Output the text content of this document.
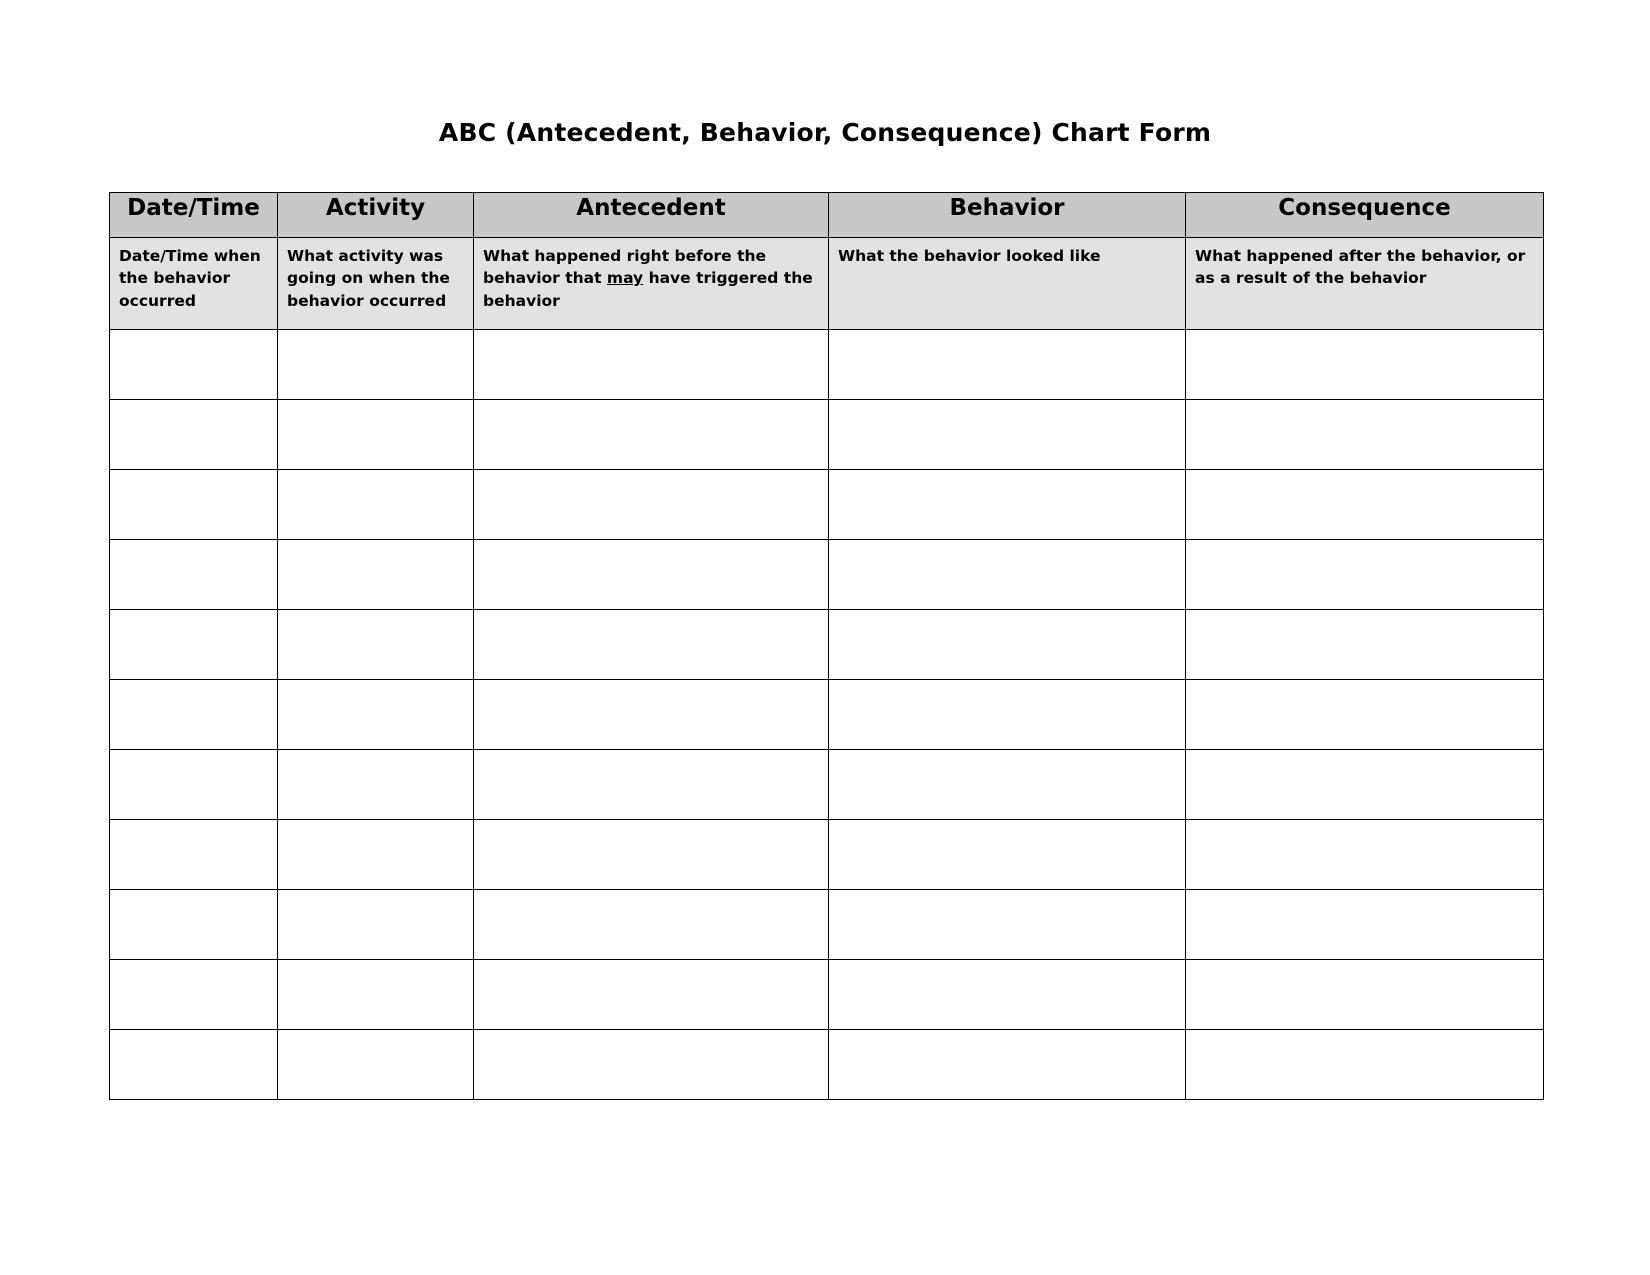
ABC (Antecedent, Behavior, Consequence) Chart Form
Date/Time	Activity	Antecedent	Behavior	Consequence
Date/Time when the behavior occurred	What activity was going on when the behavior occurred	What happened right before the behavior that may have triggered the behavior	What the behavior looked like	What happened after the behavior, or as a result of the behavior
